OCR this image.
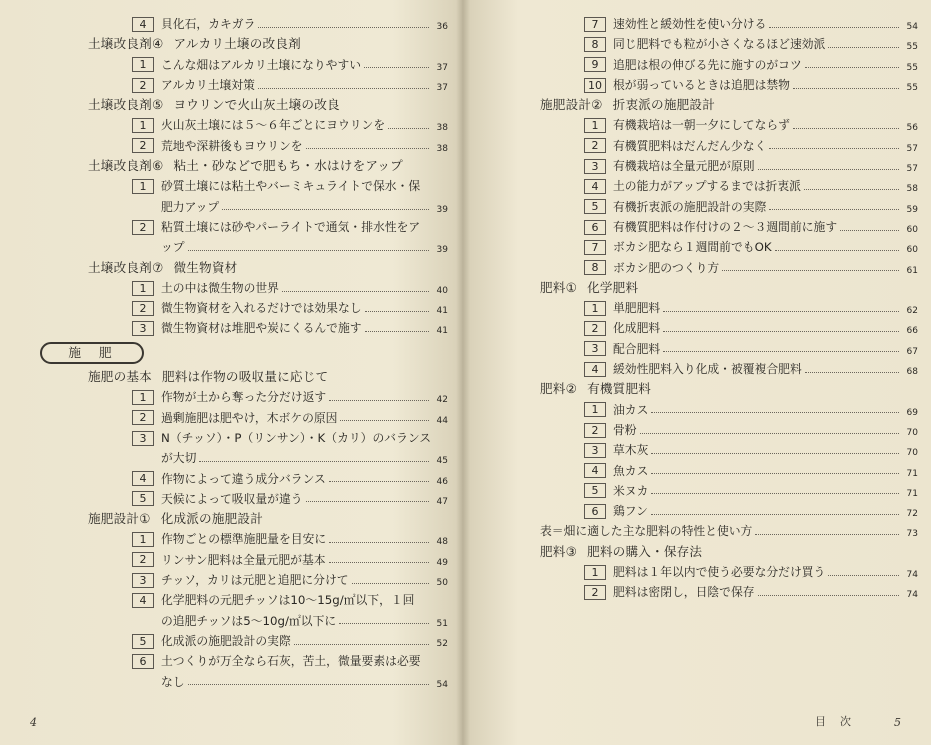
4	貝化石，カキガラ	36
土壌改良剤④ アルカリ土壌の改良剤
1	こんな畑はアルカリ土壌になりやすい	37
2	アルカリ土壌対策	37
土壌改良剤⑤ ヨウリンで火山灰土壌の改良
1	火山灰土壌には５～６年ごとにヨウリンを	38
2	荒地や深耕後もヨウリンを	38
土壌改良剤⑥ 粘土・砂などで肥もち・水はけをアップ
1	砂質土壌には粘土やバーミキュライトで保水・保
肥力アップ	39
2	粘質土壌には砂やパーライトで通気・排水性をア
ップ	39
土壌改良剤⑦ 微生物資材
1	土の中は微生物の世界	40
2	微生物資材を入れるだけでは効果なし	41
3	微生物資材は堆肥や炭にくるんで施す	41
施肥
施肥の基本 肥料は作物の吸収量に応じて
1	作物が土から奪った分だけ返す	42
2	過剰施肥は肥やけ，木ボケの原因	44
3	N（チッソ）・P（リンサン）・K（カリ）のバランス
が大切	45
4	作物によって違う成分バランス	46
5	天候によって吸収量が違う	47
施肥設計① 化成派の施肥設計
1	作物ごとの標準施肥量を目安に	48
2	リンサン肥料は全量元肥が基本	49
3	チッソ，カリは元肥と追肥に分けて	50
4	化学肥料の元肥チッソは10～15g/㎡以下，１回
の追肥チッソは5～10g/㎡以下に	51
5	化成派の施肥設計の実際	52
6	土つくりが万全なら石灰，苦土，微量要素は必要
なし	54
4
7	速効性と緩効性を使い分ける	54
8	同じ肥料でも粒が小さくなるほど速効派	55
9	追肥は根の伸びる先に施すのがコツ	55
10 根が弱っているときは追肥は禁物	55
施肥設計② 折衷派の施肥設計
1	有機栽培は一朝一夕にしてならず	56
2	有機質肥料はだんだん少なく	57
3	有機栽培は全量元肥が原則	57
4	土の能力がアップするまでは折衷派	58
5	有機折衷派の施肥設計の実際	59
6	有機質肥料は作付けの２～３週間前に施す	60
7	ボカシ肥なら１週間前でもOK	60
8	ボカシ肥のつくり方	61
肥料① 化学肥料
1	単肥肥料	62
2	化成肥料	66
3	配合肥料	67
4	緩効性肥料入り化成・被覆複合肥料	68
肥料② 有機質肥料
1	油カス	69
2	骨粉	70
3	草木灰	70
4	魚カス	71
5	米ヌカ	71
6	鶏フン	72
表＝畑に適した主な肥料の特性と使い方	73
肥料③ 肥料の購入・保存法
1	肥料は１年以内で使う必要な分だけ買う	74
2	肥料は密閉し，日陰で保存	74
目次	5
